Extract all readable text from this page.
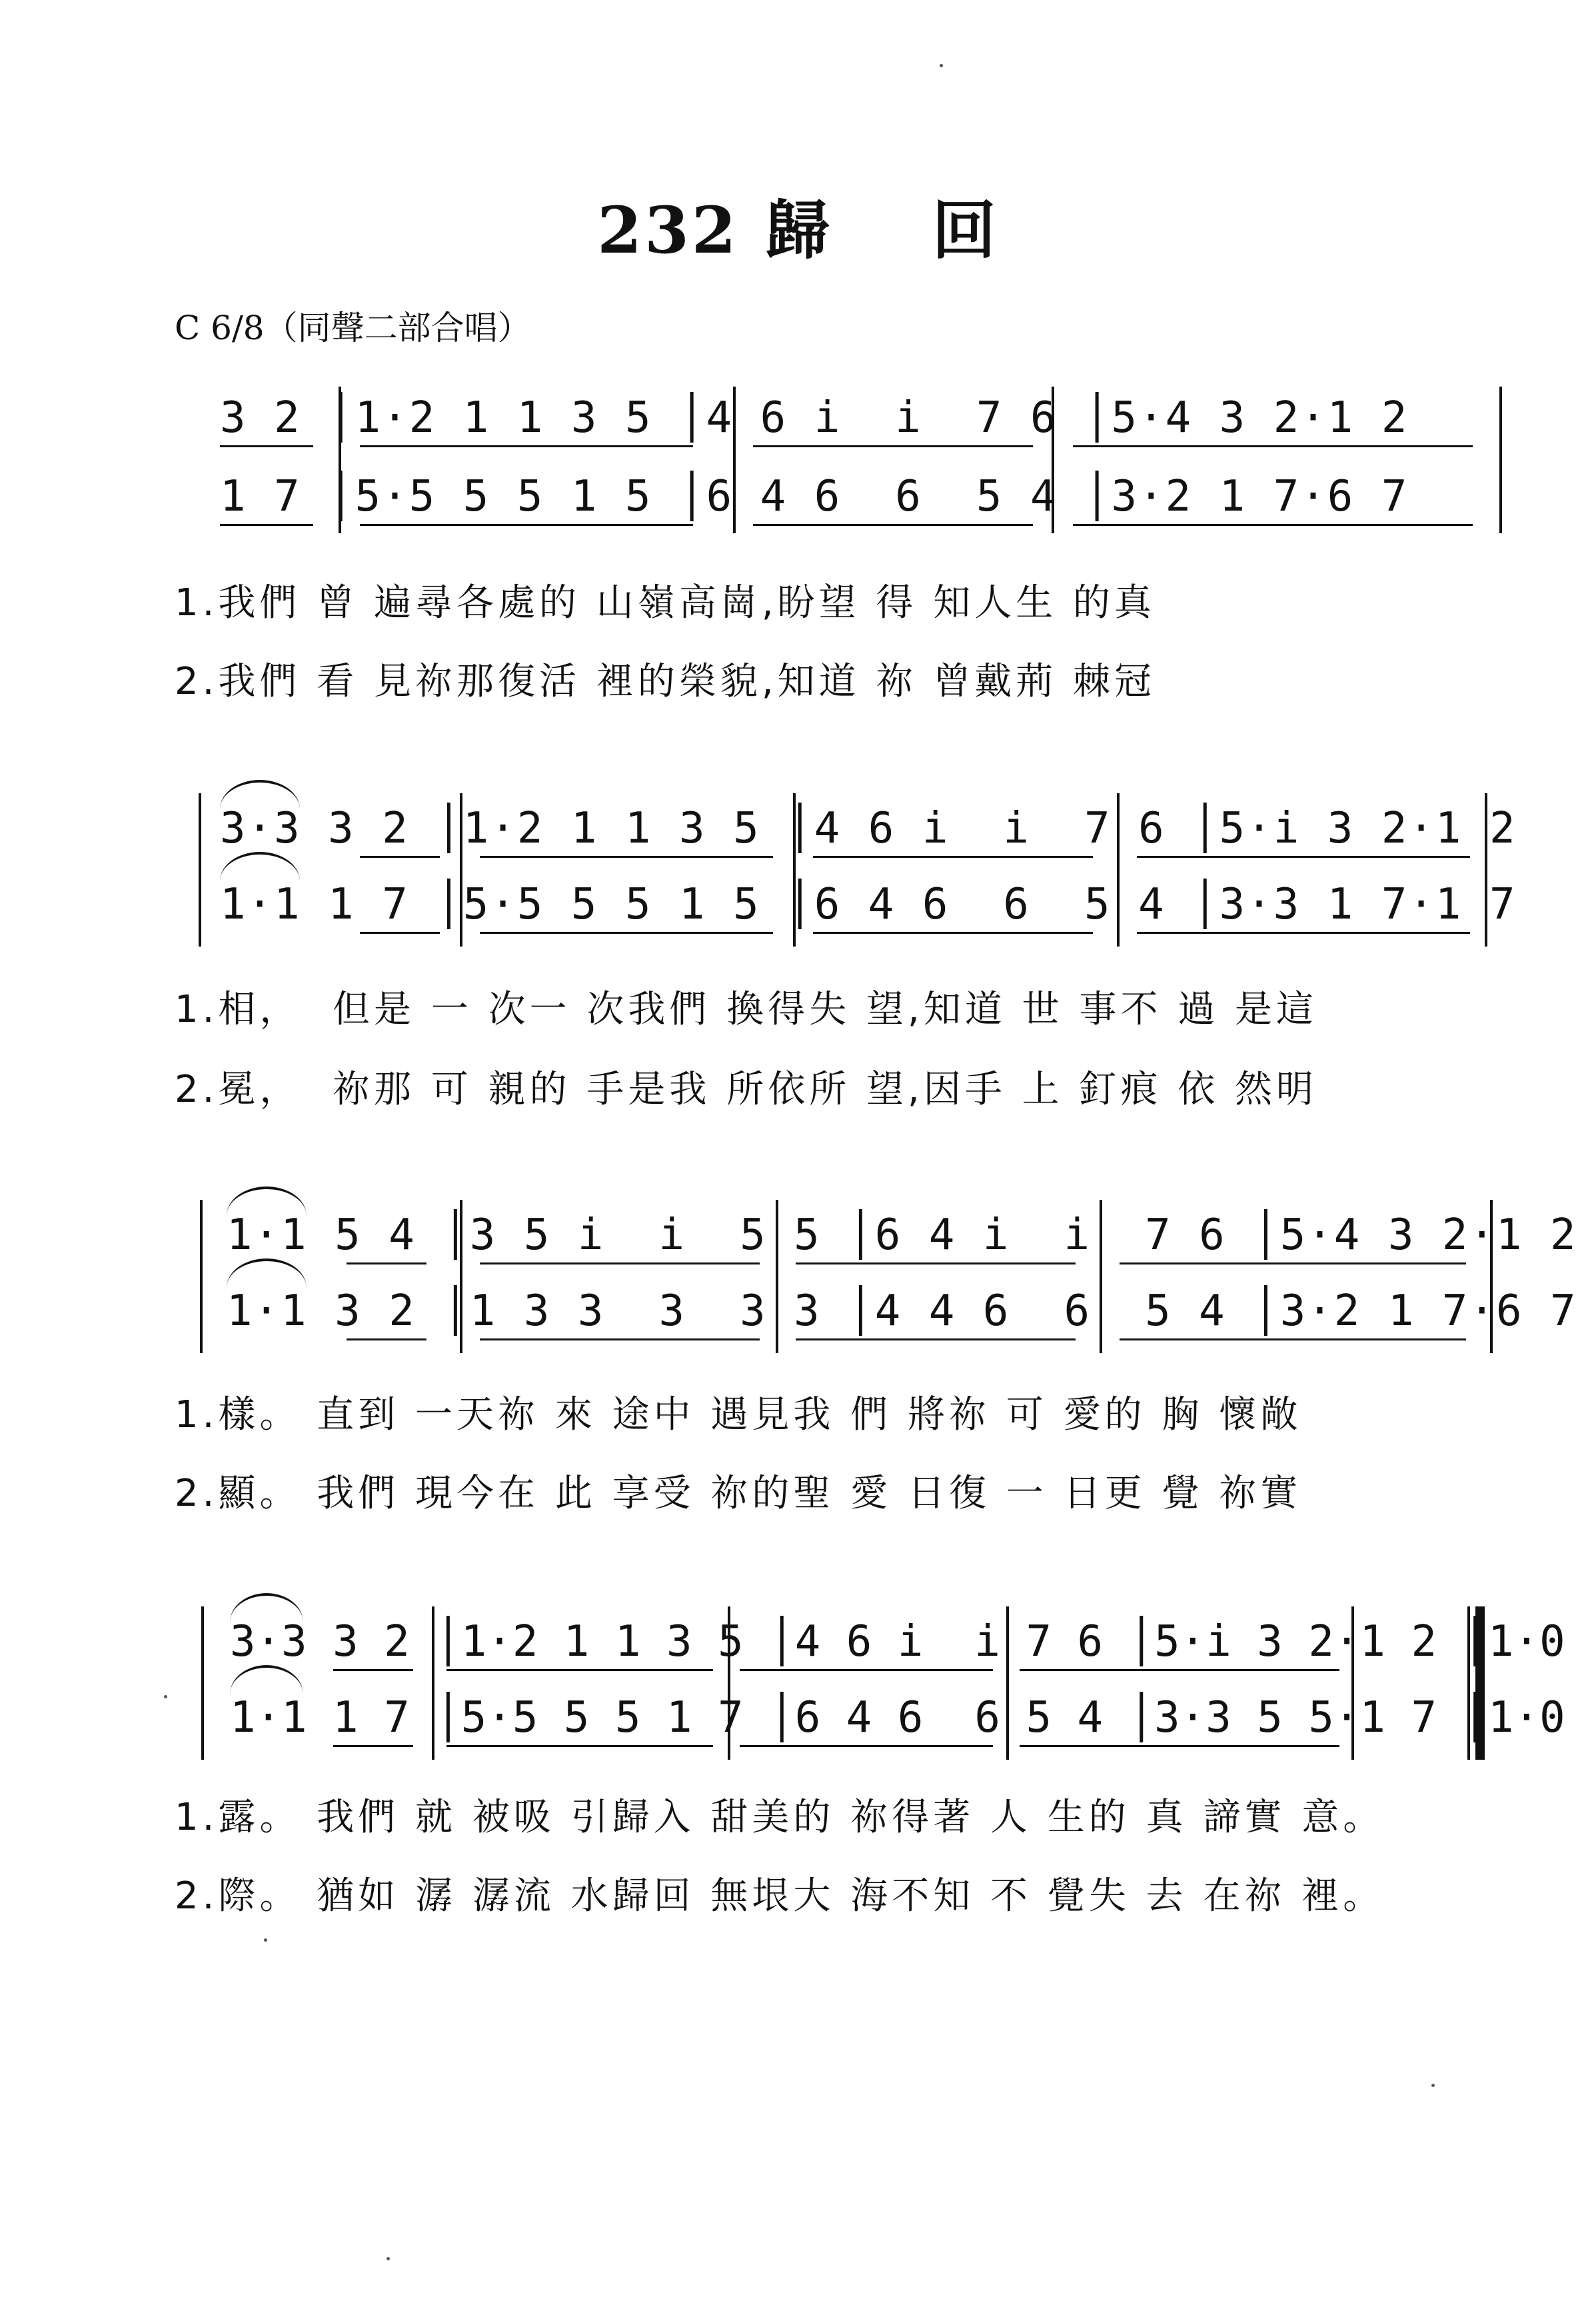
232 歸 回
C 6/8（同聲二部合唱）
3 2 │1·2 1 1 3 5 │4 6 i  i  7 6 │5·4 3 2·1 2
1 7 │5·5 5 5 1 5 │6 4 6  6  5 4 │3·2 1 7·6 7
1.我們 曾 遍尋各處的 山嶺高崗,盼望 得 知人生 的真
2.我們 看 見祢那復活 裡的榮貌,知道 祢 曾戴荊 棘冠
3·3 3 2 │1·2 1 1 3 5 │4 6 i  i  7 6 │5·i 3 2·1 2
1·1 1 7 │5·5 5 5 1 5 │6 4 6  6  5 4 │3·3 1 7·1 7
1.相，  但是 一 次一 次我們 換得失 望,知道 世 事不 過 是這
2.冕，  祢那 可 親的 手是我 所依所 望,因手 上 釘痕 依 然明
1·1 5 4 │3 5 i  i  5 5 │6 4 i  i  7 6 │5·4 3 2·1 2
1·1 3 2 │1 3 3  3  3 3 │4 4 6  6  5 4 │3·2 1 7·6 7
1.樣。 直到 一天祢 來 途中 遇見我 們 將祢 可 愛的 胸 懷敞
2.顯。 我們 現今在 此 享受 祢的聖 愛 日復 一 日更 覺 祢實
3·3 3 2 │1·2 1 1 3 5 │4 6 i  i 7 6 │5·i 3 2·1 2 │1·0
1·1 1 7 │5·5 5 5 1 7 │6 4 6  6 5 4 │3·3 5 5·1 7 │1·0
1.露。 我們 就 被吸 引歸入 甜美的 祢得著 人 生的 真 諦實 意。
2.際。 猶如 潺 潺流 水歸回 無垠大 海不知 不 覺失 去 在祢 裡。
